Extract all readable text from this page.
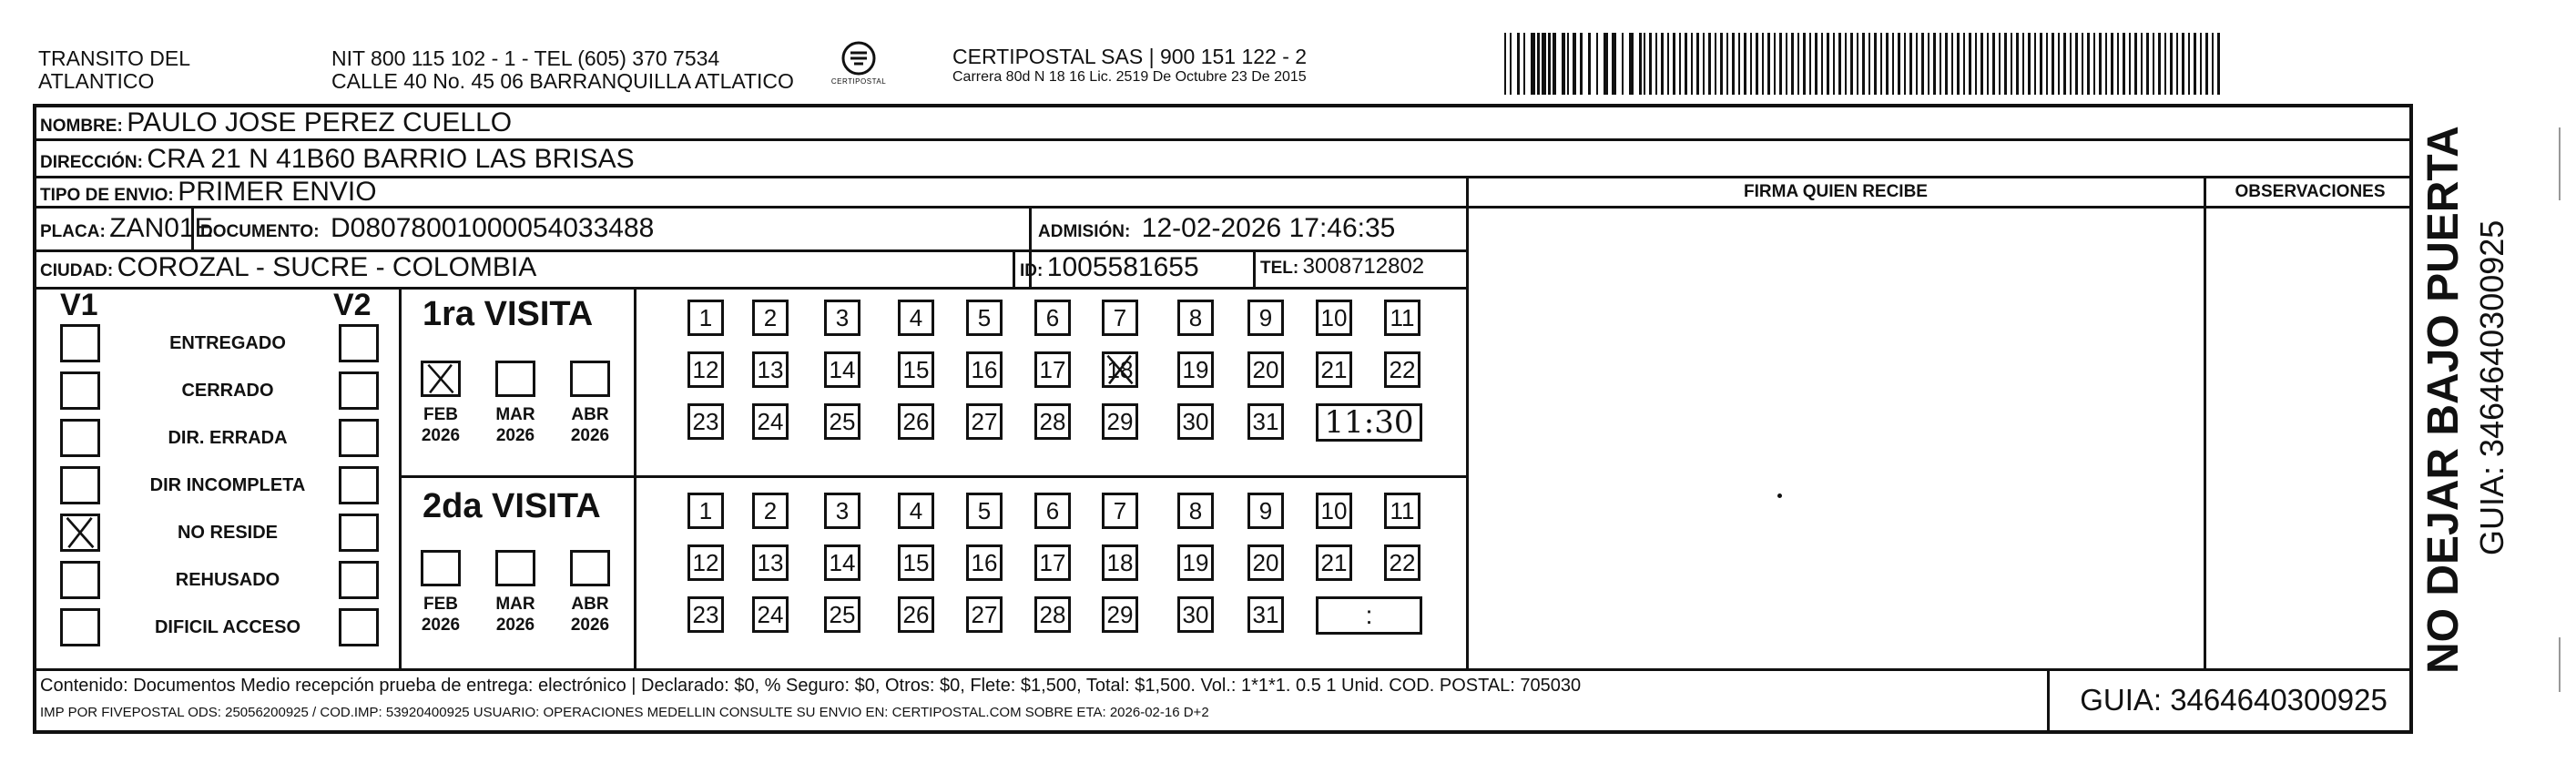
TRANSITO DEL
ATLANTICO
NIT 800 115 102 - 1 - TEL (605) 370 7534
CALLE 40 No. 45 06 BARRANQUILLA ATLATICO	CERTIPOSTAL
CERTIPOSTAL SAS | 900 151 122 - 2
Carrera 80d N 18 16 Lic. 2519 De Octubre 23 De 2015
NOMBRE: PAULO JOSE PEREZ CUELLO
DIRECCIÓN: CRA 21 N 41B60 BARRIO LAS BRISAS
TIPO DE ENVIO: PRIMER ENVIO
PLACA: ZAN01E
DOCUMENTO: D08078001000054033488	ADMISIÓN: 12-02-2026 17:46:35
CIUDAD: COROZAL - SUCRE - COLOMBIA	ID: 1005581655	TEL: 3008712802
FIRMA QUIEN RECIBE	OBSERVACIONES
V1	V2
ENTREGADO
CERRADO
DIR. ERRADA
DIR INCOMPLETA
NO RESIDE
REHUSADO
DIFICIL ACCESO
1ra VISITA
2da VISITA
1	2	3	4	5	6	7	8	9	10 11
12 13 14 15 16 17 18 19 20 21 22
23 24 25 26 27 28 29 30 31 11:30
1	2	3	4	5	6	7	8	9	10 11
12 13 14 15 16 17 18 19 20 21 22
23 24 25 26 27 28 29 30 31	:
FEB
2026
MAR
2026
ABR
2026
FEB
2026
MAR
2026
ABR
2026
Contenido: Documentos Medio recepción prueba de entrega: electrónico | Declarado: $0, % Seguro: $0, Otros: $0, Flete: $1,500, Total: $1,500. Vol.: 1*1*1. 0.5 1 Unid. COD. POSTAL: 705030
IMP POR FIVEPOSTAL ODS: 25056200925 / COD.IMP: 53920400925 USUARIO: OPERACIONES MEDELLIN CONSULTE SU ENVIO EN: CERTIPOSTAL.COM SOBRE ETA: 2026-02-16 D+2	GUIA: 3464640300925
NO DEJAR BAJO PUERTA GUIA: 3464640300925
